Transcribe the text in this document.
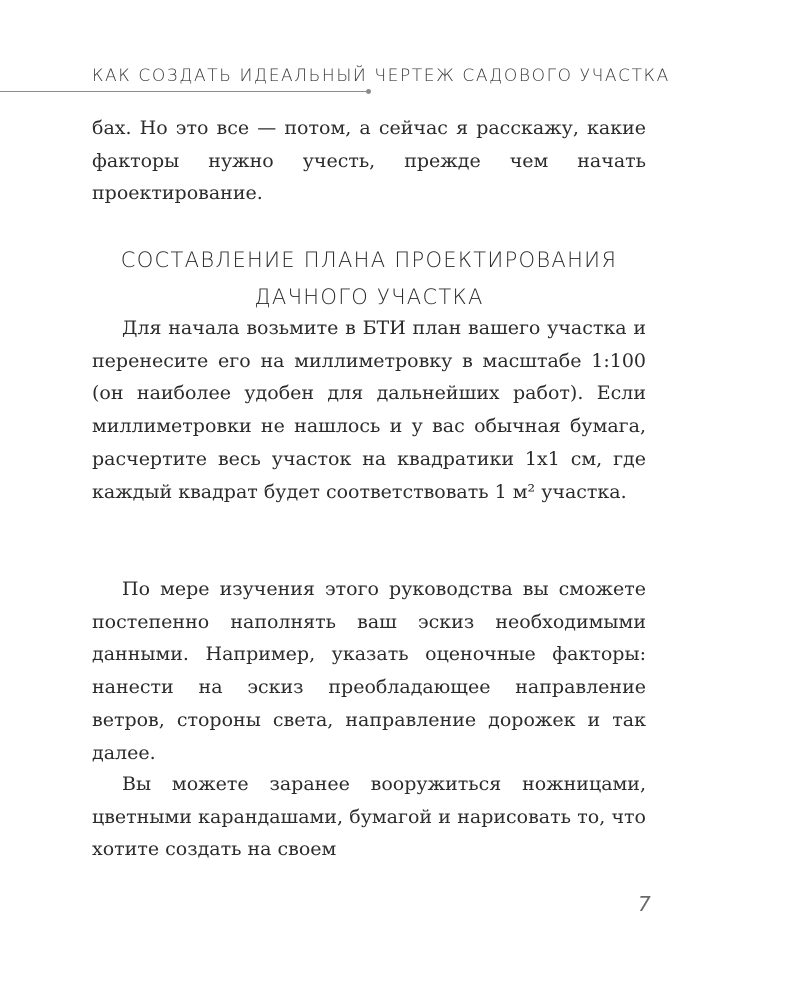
КАК СОЗДАТЬ ИДЕАЛЬНЫЙ ЧЕРТЕЖ САДОВОГО УЧАСТКА

бах. Но это все — потом, а сейчас я расскажу, какие факторы нужно учесть, прежде чем начать проектирование.

СОСТАВЛЕНИЕ ПЛАНА ПРОЕКТИРОВАНИЯ
ДАЧНОГО УЧАСТКА

Для начала возьмите в БТИ план вашего участка и перенесите его на миллиметровку в масштабе 1:100 (он наиболее удобен для дальнейших работ). Если миллиметровки не нашлось и у вас обычная бумага, расчертите весь участок на квадратики 1х1 см, где каждый квадрат будет соответствовать 1 м² участка.

По мере изучения этого руководства вы сможете постепенно наполнять ваш эскиз необходимыми данными. Например, указать оценочные факторы: нанести на эскиз преобладающее направление ветров, стороны света, направление дорожек и так далее.

Вы можете заранее вооружиться ножницами, цветными карандашами, бумагой и нарисовать то, что хотите создать на своем

7
